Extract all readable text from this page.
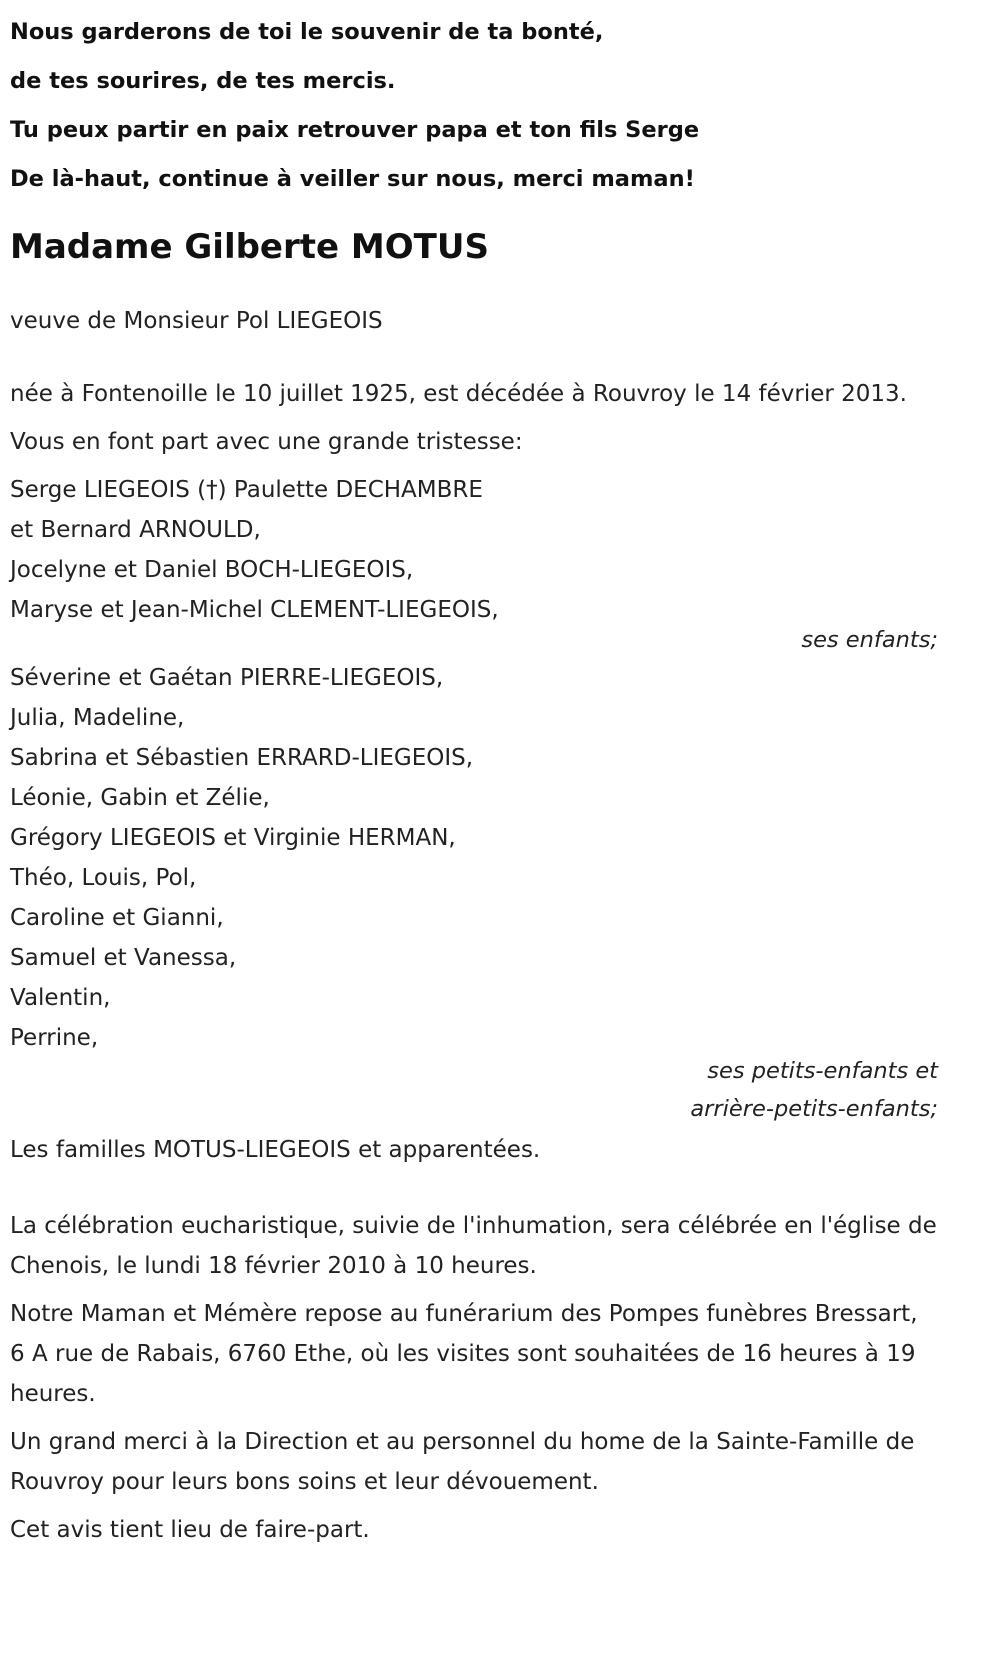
Nous garderons de toi le souvenir de ta bonté,
de tes sourires, de tes mercis.
Tu peux partir en paix retrouver papa et ton fils Serge
De là-haut, continue à veiller sur nous, merci maman!
Madame Gilberte MOTUS

veuve de Monsieur Pol LIEGEOIS

née à Fontenoille le 10 juillet 1925, est décédée à Rouvroy le 14 février 2013.

Vous en font part avec une grande tristesse:

Serge LIEGEOIS (†) Paulette DECHAMBRE
et Bernard ARNOULD,
Jocelyne et Daniel BOCH-LIEGEOIS,
Maryse et Jean-Michel CLEMENT-LIEGEOIS,
ses enfants;
Séverine et Gaétan PIERRE-LIEGEOIS,
Julia, Madeline,
Sabrina et Sébastien ERRARD-LIEGEOIS,
Léonie, Gabin et Zélie,
Grégory LIEGEOIS et Virginie HERMAN,
Théo, Louis, Pol,
Caroline et Gianni,
Samuel et Vanessa,
Valentin,
Perrine,
ses petits-enfants et arrière-petits-enfants;

Les familles MOTUS-LIEGEOIS et apparentées.

La célébration eucharistique, suivie de l'inhumation, sera célébrée en l'église de Chenois, le lundi 18 février 2010 à 10 heures.

Notre Maman et Mémère repose au funérarium des Pompes funèbres Bressart, 6 A rue de Rabais, 6760 Ethe, où les visites sont souhaitées de 16 heures à 19 heures.

Un grand merci à la Direction et au personnel du home de la Sainte-Famille de Rouvroy pour leurs bons soins et leur dévouement.

Cet avis tient lieu de faire-part.
